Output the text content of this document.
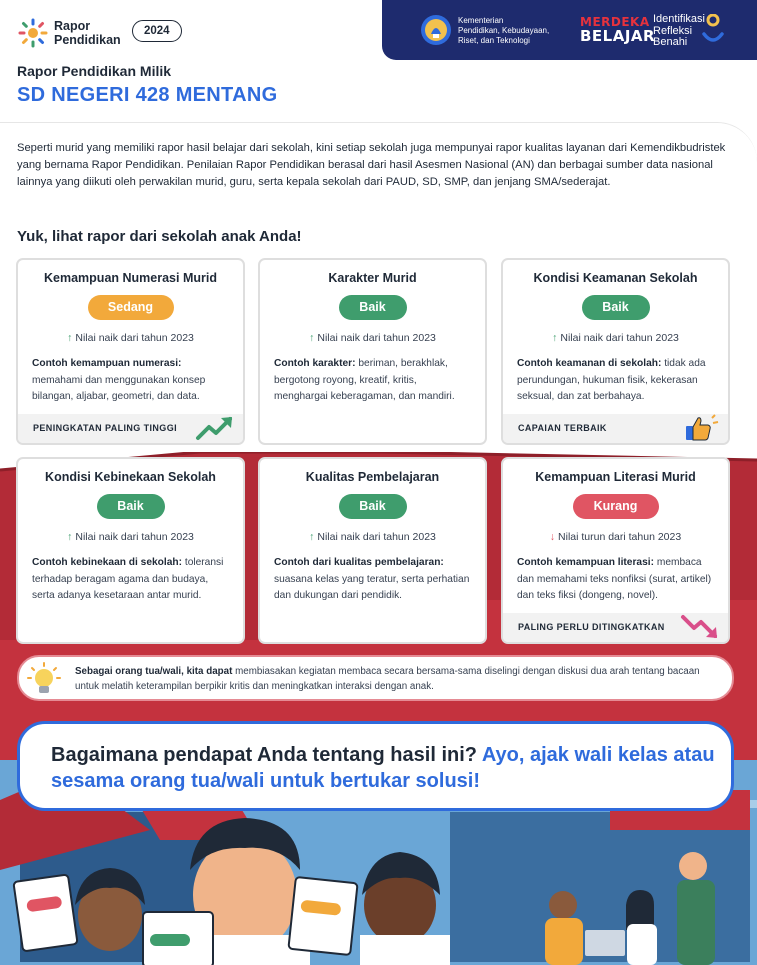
Rapor
Pendidikan
2024
Kementerian
Pendidikan, Kebudayaan,
Riset, dan Teknologi
MERDEKA
BELAJAR
Identifikasi
Refleksi
Benahi
Rapor Pendidikan Milik
SD NEGERI 428 MENTANG

Seperti murid yang memiliki rapor hasil belajar dari sekolah, kini setiap sekolah juga mempunyai rapor kualitas layanan dari Kemendikbudristek yang bernama Rapor Pendidikan. Penilaian Rapor Pendidikan berasal dari hasil Asesmen Nasional (AN) dan berbagai sumber data nasional lainnya yang diikuti oleh perwakilan murid, guru, serta kepala sekolah dari PAUD, SD, SMP, dan jenjang SMA/sederajat.

Yuk, lihat rapor dari sekolah anak Anda!
Kemampuan Numerasi Murid
Sedang
↑ Nilai naik dari tahun 2023
Contoh kemampuan numerasi:
memahami dan menggunakan konsep bilangan, aljabar, geometri, dan data.
PENINGKATAN PALING TINGGI
Karakter Murid
Baik
↑ Nilai naik dari tahun 2023
Contoh karakter: beriman, berakhlak, bergotong royong, kreatif, kritis, menghargai keberagaman, dan mandiri.
Kondisi Keamanan Sekolah
Baik
↑ Nilai naik dari tahun 2023
Contoh keamanan di sekolah: tidak ada perundungan, hukuman fisik, kekerasan seksual, dan zat berbahaya.
CAPAIAN TERBAIK
Kondisi Kebinekaan Sekolah
Baik
↑ Nilai naik dari tahun 2023
Contoh kebinekaan di sekolah: toleransi terhadap beragam agama dan budaya, serta adanya kesetaraan antar murid.
Kualitas Pembelajaran
Baik
↑ Nilai naik dari tahun 2023
Contoh dari kualitas pembelajaran:
suasana kelas yang teratur, serta perhatian dan dukungan dari pendidik.
Kemampuan Literasi Murid
Kurang
↓ Nilai turun dari tahun 2023
Contoh kemampuan literasi: membaca dan memahami teks nonfiksi (surat, artikel) dan teks fiksi (dongeng, novel).
PALING PERLU DITINGKATKAN
Sebagai orang tua/wali, kita dapat membiasakan kegiatan membaca secara bersama-sama diselingi dengan diskusi dua arah tentang bacaan untuk melatih keterampilan berpikir kritis dan meningkatkan interaksi dengan anak.
Bagaimana pendapat Anda tentang hasil ini? Ayo, ajak wali kelas atau sesama orang tua/wali untuk bertukar solusi!
